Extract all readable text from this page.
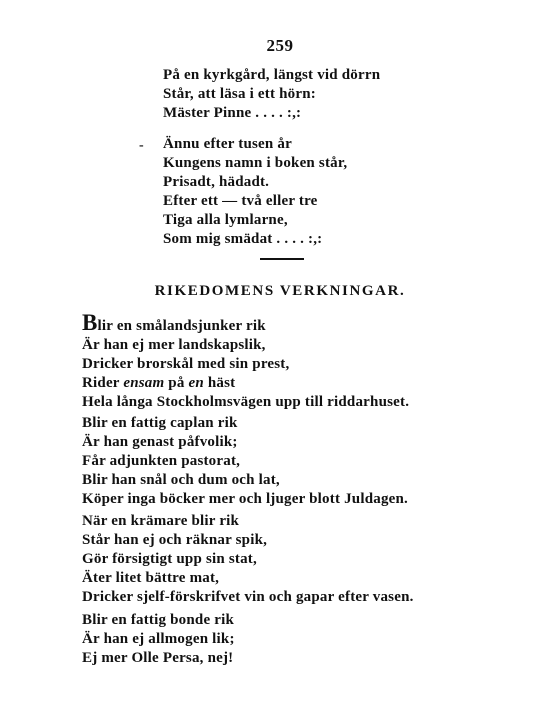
259
På en kyrkgård, längst vid dörrn
Står, att läsa i ett hörn:
Mäster Pinne . . . . :,:
- Ännu efter tusen år
Kungens namn i boken står,
Prisadt, hädadt.
Efter ett — två eller tre
Tiga alla lymlarne,
Som mig smädat . . . . :,:
RIKEDOMENS VERKNINGAR.
Blir en smålandsjunker rik
Är han ej mer landskapslik,
Dricker brorskål med sin prest,
Rider ensam på en häst
Hela långa Stockholmsvägen upp till riddarhuset.
Blir en fattig caplan rik
Är han genast påfvolik;
Får adjunkten pastorat,
Blir han snål och dum och lat,
Köper inga böcker mer och ljuger blott Juldagen.
När en krämare blir rik
Står han ej och räknar spik,
Gör försigtigt upp sin stat,
Äter litet bättre mat,
Dricker sjelf-förskrifvet vin och gapar efter vasen.
Blir en fattig bonde rik
Är han ej allmogen lik;
Ej mer Olle Persa, nej!
